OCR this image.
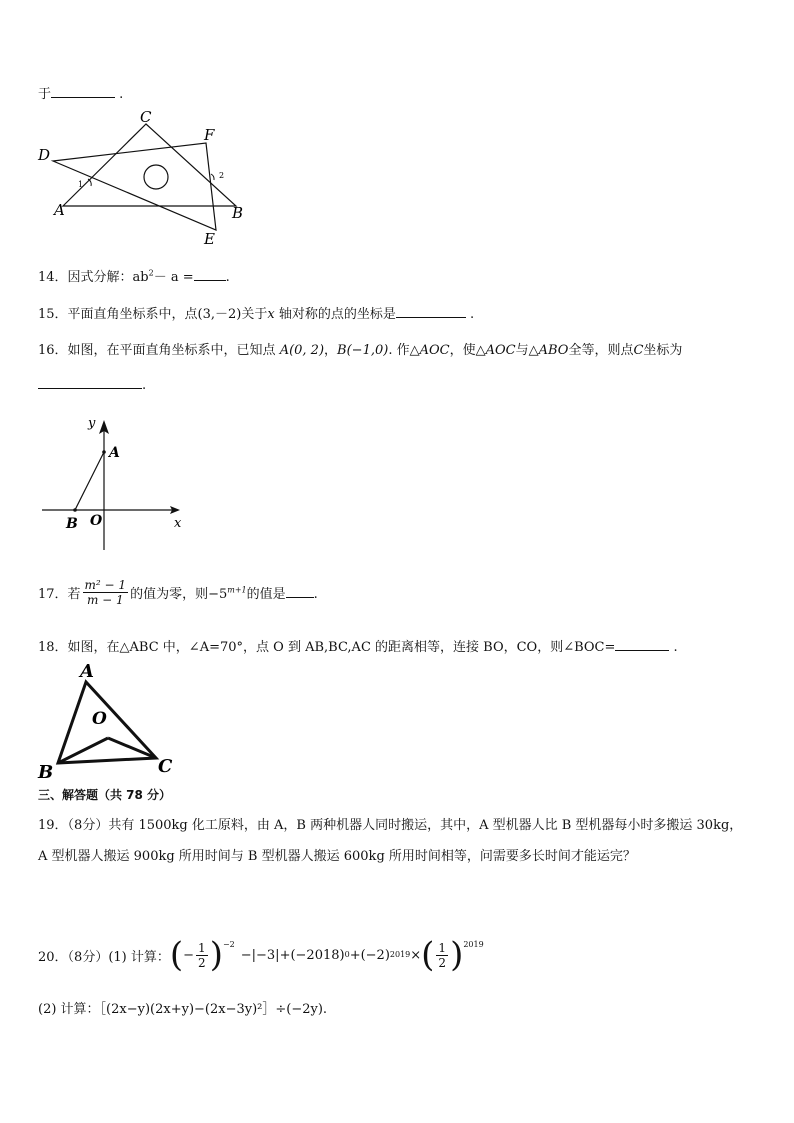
于	.
C
F
D
A	B
E
1
2
14．因式分解：$ab^2- a$ = .
15．平面直角坐标系中，点(3,－2)关于x 轴对称的点的坐标是	.
16．如图，在平面直角坐标系中，已知点 A(0, 2)，B(−1,0). 作△AOC，使△AOC与△ABO全等，则点C坐标为
.
y
A
B O	x
17．若 $\frac{\text{m² − 1}}{m - 1}$ 的值为零，则$-5^{m+1}$的值是 .
18．如图，在△ABC 中，∠A=70°，点 O 到 AB,BC,AC 的距离相等，连接 BO，CO，则∠BOC=	.
A
O
B	C
三、解答题（共 78 分）
19．（8分）共有 1500kg 化工原料，由 A，B 两种机器人同时搬运，其中，A 型机器人比 B 型机器每小时多搬运 30kg，
A 型机器人搬运 900kg 所用时间与 B 型机器人搬运 600kg 所用时间相等，问需要多长时间才能运完？
20．（8分）(1) 计算： ( − $\frac{1}{2} )^{-2}$
−|−3|+(−2018) 0 +(−2) 2019 × ( $\frac{1}{2} )^{2019}$
(2) 计算：［(2x−y)(2x+y)−(2x−3y)²］÷(−2y).
